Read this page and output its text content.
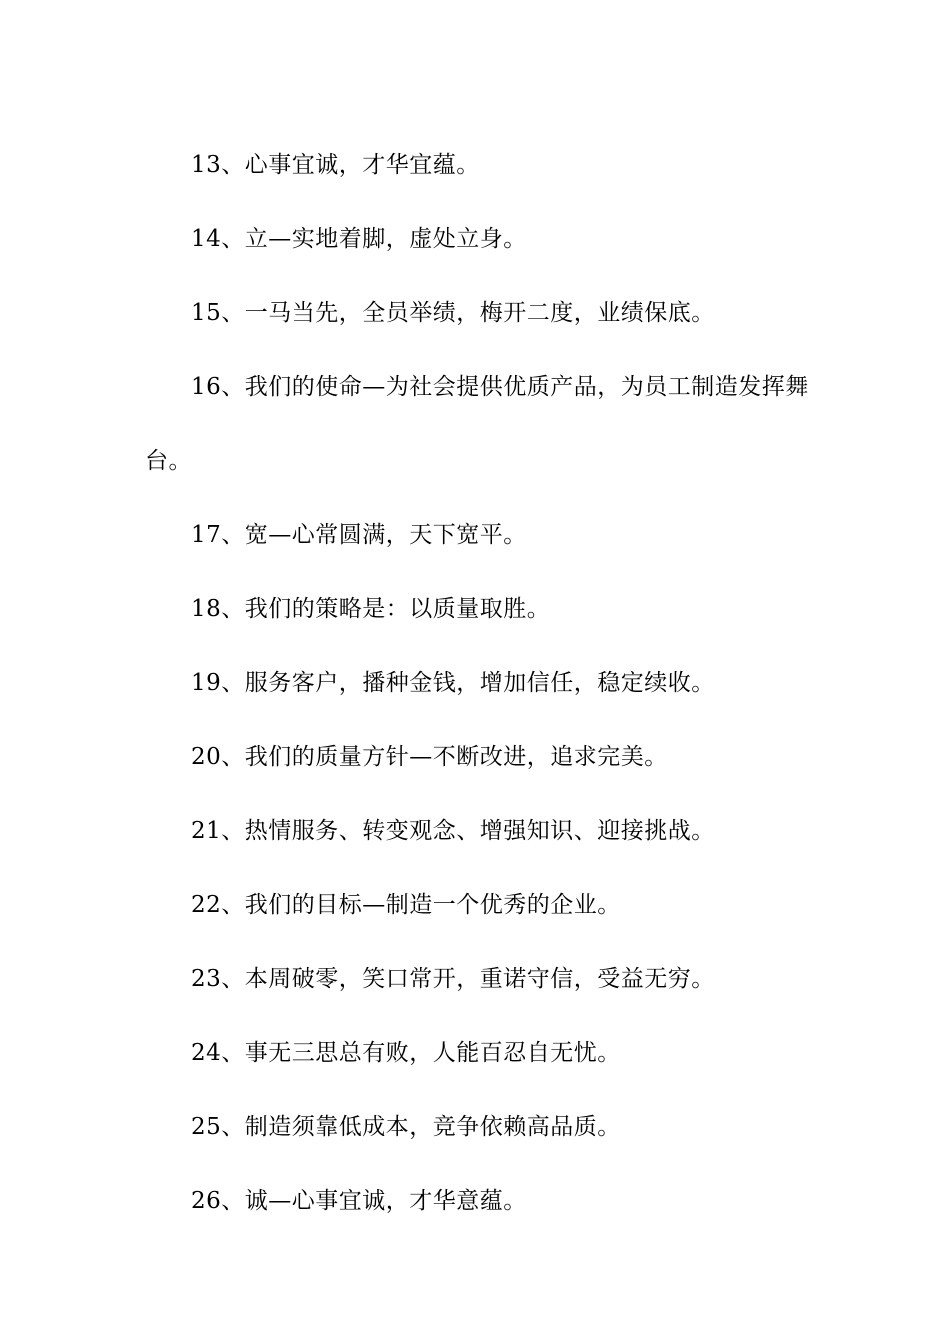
13、心事宜诚，才华宜蕴。

14、立—实地着脚，虚处立身。

15、一马当先，全员举绩，梅开二度，业绩保底。

16、我们的使命—为社会提供优质产品，为员工制造发挥舞台。

17、宽—心常圆满，天下宽平。

18、我们的策略是：以质量取胜。

19、服务客户，播种金钱，增加信任，稳定续收。

20、我们的质量方针—不断改进，追求完美。

21、热情服务、转变观念、增强知识、迎接挑战。

22、我们的目标—制造一个优秀的企业。

23、本周破零，笑口常开，重诺守信，受益无穷。

24、事无三思总有败，人能百忍自无忧。

25、制造须靠低成本，竞争依赖高品质。

26、诚—心事宜诚，才华意蕴。
